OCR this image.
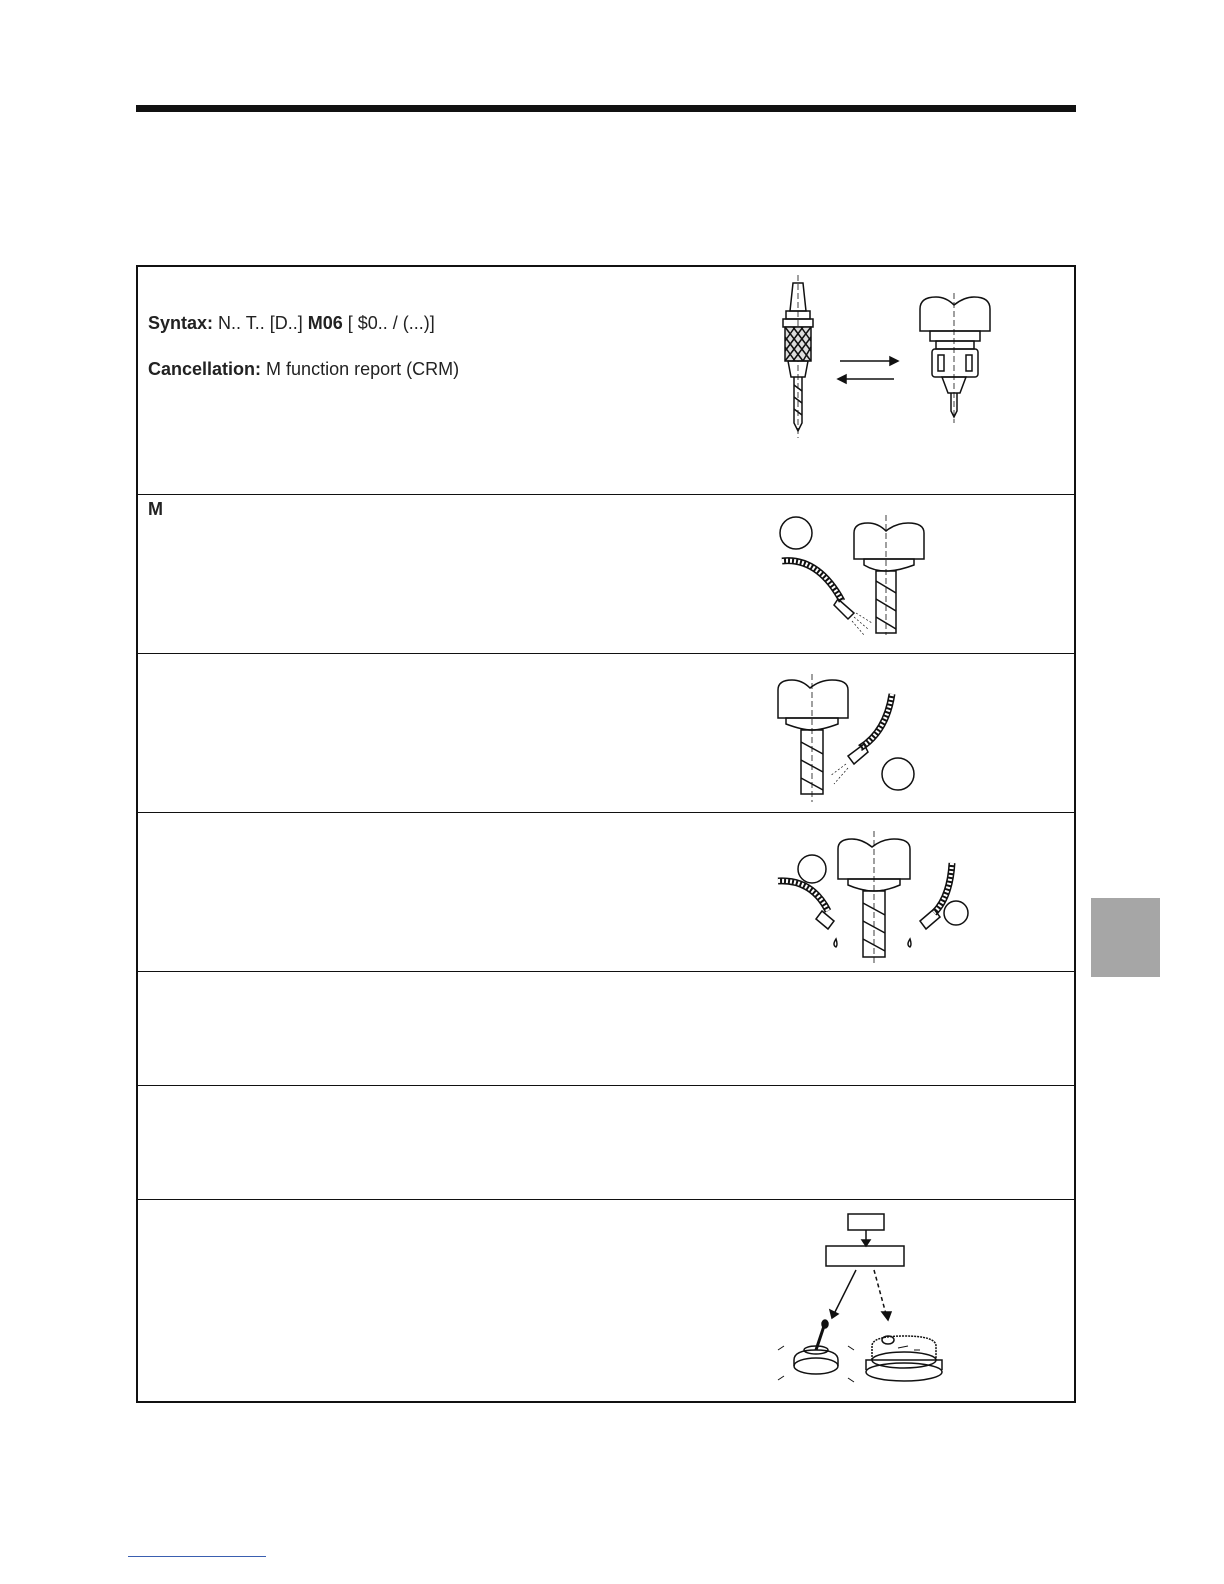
Syntax: N.. T.. [D..] M06 [ $0.. / (...)]
Cancellation: M function report (CRM)
M
